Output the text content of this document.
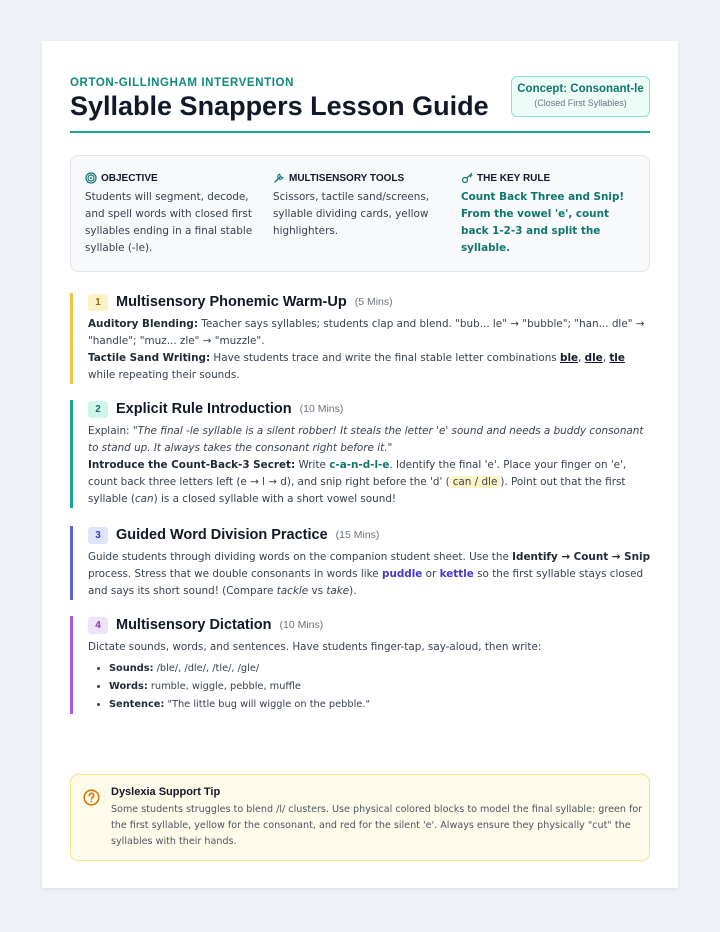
ORTON-GILLINGHAM INTERVENTION
Syllable Snappers Lesson Guide
Concept: Consonant-le
(Closed First Syllables)
OBJECTIVE
Students will segment, decode, and spell words with closed first syllables ending in a final stable syllable (-le).
MULTISENSORY TOOLS
Scissors, tactile sand/screens, syllable dividing cards, yellow highlighters.
THE KEY RULE
Count Back Three and Snip! From the vowel 'e', count back 1-2-3 and split the syllable.
1	Multisensory Phonemic Warm-Up (5 Mins)
Auditory Blending: Teacher says syllables; students clap and blend. "bub... le" → "bubble"; "han... dle" → "handle"; "muz... zle" → "muzzle".
Tactile Sand Writing: Have students trace and write the final stable letter combinations ble, dle, tle while repeating their sounds.
2	Explicit Rule Introduction (10 Mins)
Explain: "The final -le syllable is a silent robber! It steals the letter 'e' sound and needs a buddy consonant to stand up. It always takes the consonant right before it."
Introduce the Count-Back-3 Secret: Write c-a-n-d-l-e. Identify the final 'e'. Place your finger on 'e', count back three letters left (e → l → d), and snip right before the 'd' ( can / dle ). Point out that the first syllable (can) is a closed syllable with a short vowel sound!
3	Guided Word Division Practice (15 Mins)
Guide students through dividing words on the companion student sheet. Use the Identify → Count → Snip process. Stress that we double consonants in words like puddle or kettle so the first syllable stays closed and says its short sound! (Compare tackle vs take).
4	Multisensory Dictation (10 Mins)
Dictate sounds, words, and sentences. Have students finger-tap, say-aloud, then write:
• Sounds: /ble/, /dle/, /tle/, /gle/
• Words: rumble, wiggle, pebble, muffle
• Sentence: "The little bug will wiggle on the pebble."
Dyslexia Support Tip
Some students struggles to blend /l/ clusters. Use physical colored blocks to model the final syllable: green for the first syllable, yellow for the consonant, and red for the silent 'e'. Always ensure they physically "cut" the syllables with their hands.
